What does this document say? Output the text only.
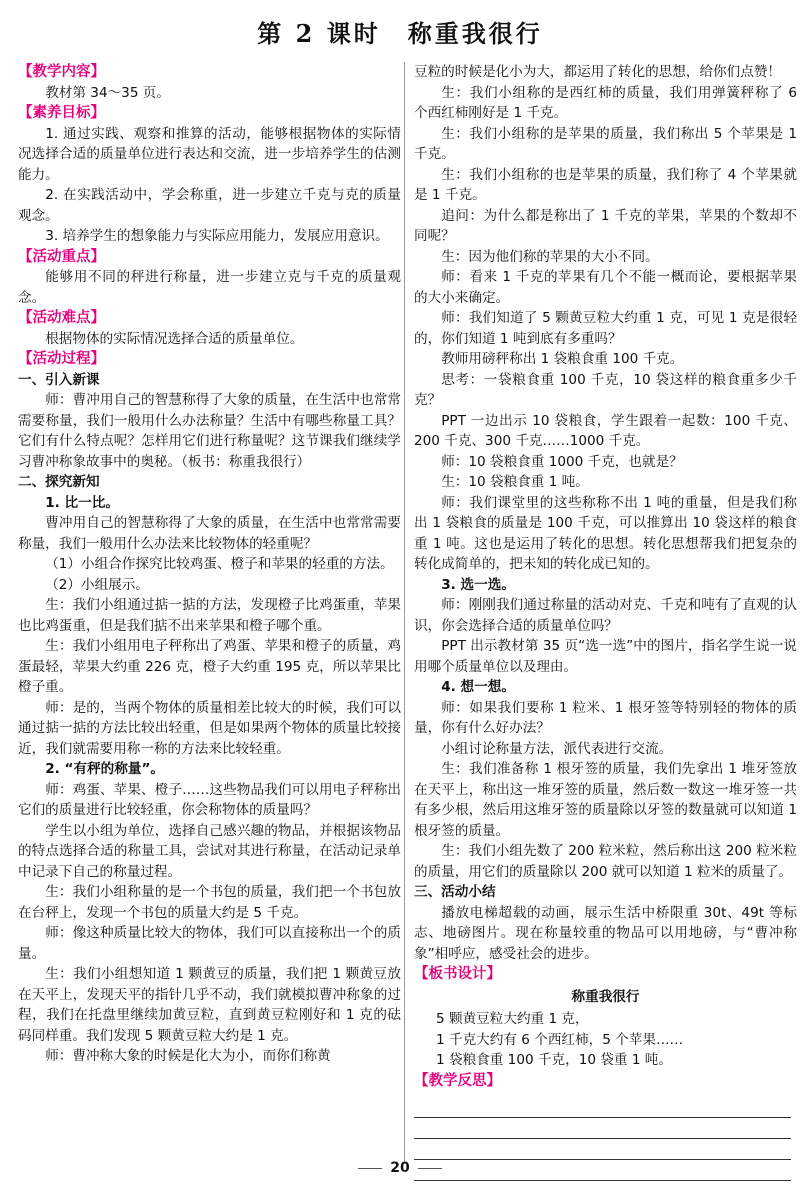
第 2 课时　称重我很行

【教学内容】

教材第 34～35 页。

【素养目标】

1. 通过实践、观察和推算的活动，能够根据物体的实际情况选择合适的质量单位进行表达和交流，进一步培养学生的估测能力。

2. 在实践活动中，学会称重，进一步建立千克与克的质量观念。

3. 培养学生的想象能力与实际应用能力，发展应用意识。

【活动重点】

能够用不同的秤进行称量，进一步建立克与千克的质量观念。

【活动难点】

根据物体的实际情况选择合适的质量单位。

【活动过程】

一、引入新课

师：曹冲用自己的智慧称得了大象的质量，在生活中也常常需要称量，我们一般用什么办法称量？生活中有哪些称量工具？它们有什么特点呢？怎样用它们进行称量呢？这节课我们继续学习曹冲称象故事中的奥秘。（板书：称重我很行）

二、探究新知

1. 比一比。

曹冲用自己的智慧称得了大象的质量，在生活中也常常需要称量，我们一般用什么办法来比较物体的轻重呢？

（1）小组合作探究比较鸡蛋、橙子和苹果的轻重的方法。

（2）小组展示。

生：我们小组通过掂一掂的方法，发现橙子比鸡蛋重，苹果也比鸡蛋重，但是我们掂不出来苹果和橙子哪个重。

生：我们小组用电子秤称出了鸡蛋、苹果和橙子的质量，鸡蛋最轻，苹果大约重 226 克，橙子大约重 195 克，所以苹果比橙子重。

师：是的，当两个物体的质量相差比较大的时候，我们可以通过掂一掂的方法比较出轻重，但是如果两个物体的质量比较接近，我们就需要用称一称的方法来比较轻重。

2. “有秤的称量”。

师：鸡蛋、苹果、橙子……这些物品我们可以用电子秤称出它们的质量进行比较轻重，你会称物体的质量吗？

学生以小组为单位，选择自己感兴趣的物品，并根据该物品的特点选择合适的称量工具，尝试对其进行称量，在活动记录单中记录下自己的称量过程。

生：我们小组称量的是一个书包的质量，我们把一个书包放在台秤上，发现一个书包的质量大约是 5 千克。

师：像这种质量比较大的物体，我们可以直接称出一个的质量。

生：我们小组想知道 1 颗黄豆的质量，我们把 1 颗黄豆放在天平上，发现天平的指针几乎不动，我们就模拟曹冲称象的过程，我们在托盘里继续加黄豆粒，直到黄豆粒刚好和 1 克的砝码同样重。我们发现 5 颗黄豆粒大约是 1 克。

师：曹冲称大象的时候是化大为小，而你们称黄

豆粒的时候是化小为大，都运用了转化的思想，给你们点赞！

生：我们小组称的是西红柿的质量，我们用弹簧秤称了 6 个西红柿刚好是 1 千克。

生：我们小组称的是苹果的质量，我们称出 5 个苹果是 1 千克。

生：我们小组称的也是苹果的质量，我们称了 4 个苹果就是 1 千克。

追问：为什么都是称出了 1 千克的苹果，苹果的个数却不同呢？

生：因为他们称的苹果的大小不同。

师：看来 1 千克的苹果有几个不能一概而论，要根据苹果的大小来确定。

师：我们知道了 5 颗黄豆粒大约重 1 克，可见 1 克是很轻的，你们知道 1 吨到底有多重吗？

教师用磅秤称出 1 袋粮食重 100 千克。

思考：一袋粮食重 100 千克，10 袋这样的粮食重多少千克？

PPT 一边出示 10 袋粮食，学生跟着一起数：100 千克、200 千克、300 千克……1000 千克。

师：10 袋粮食重 1000 千克，也就是？

生：10 袋粮食重 1 吨。

师：我们课堂里的这些称称不出 1 吨的重量，但是我们称出 1 袋粮食的质量是 100 千克，可以推算出 10 袋这样的粮食重 1 吨。这也是运用了转化的思想。转化思想帮我们把复杂的转化成简单的，把未知的转化成已知的。

3. 选一选。

师：刚刚我们通过称量的活动对克、千克和吨有了直观的认识，你会选择合适的质量单位吗？

PPT 出示教材第 35 页“选一选”中的图片，指名学生说一说用哪个质量单位以及理由。

4. 想一想。

师：如果我们要称 1 粒米、1 根牙签等特别轻的物体的质量，你有什么好办法？

小组讨论称量方法，派代表进行交流。

生：我们准备称 1 根牙签的质量，我们先拿出 1 堆牙签放在天平上，称出这一堆牙签的质量，然后数一数这一堆牙签一共有多少根，然后用这堆牙签的质量除以牙签的数量就可以知道 1 根牙签的质量。

生：我们小组先数了 200 粒米粒，然后称出这 200 粒米粒的质量，用它们的质量除以 200 就可以知道 1 粒米的质量了。

三、活动小结

播放电梯超载的动画，展示生活中桥限重 30t、49t 等标志、地磅图片。现在称量较重的物品可以用地磅，与“曹冲称象”相呼应，感受社会的进步。

【板书设计】

称重我很行

5 颗黄豆粒大约重 1 克，

1 千克大约有 6 个西红柿，5 个苹果……

1 袋粮食重 100 千克，10 袋重 1 吨。

【教学反思】

20
